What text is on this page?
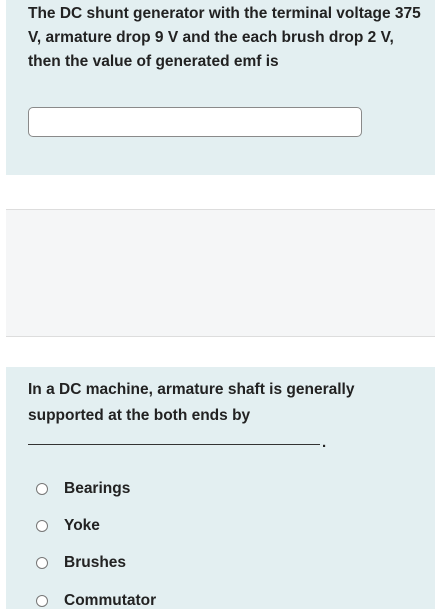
The DC shunt generator with the terminal voltage 375 V, armature drop 9 V and the each brush drop 2 V, then the value of generated emf is
In a DC machine, armature shaft is generally supported at the both ends by
.
Bearings
Yoke
Brushes
Commutator
